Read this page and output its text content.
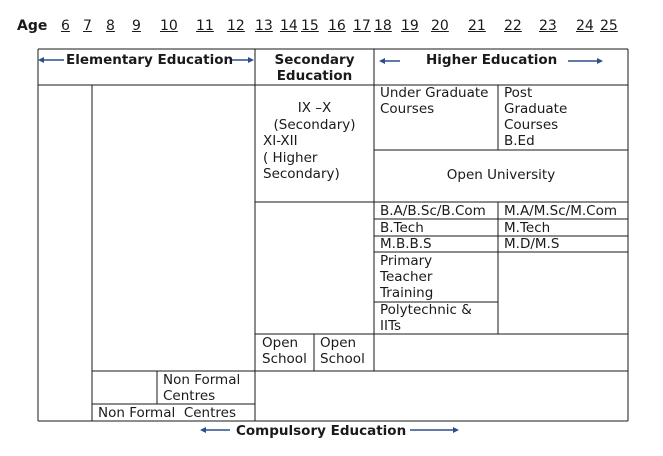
Age 6 7 8 9 10 11 12 13 14 15 16 17 18 19 20 21 22 23 24 25
Elementary Education	Secondary
Education
Higher Education
IX –X
(Secondary)
XI-XII
( Higher
Secondary)
Under Graduate
Courses
Post
Graduate
Courses
B.Ed
Open University
B.A/B.Sc/B.Com
B.Tech
M.B.B.S
M.A/M.Sc/M.Com
M.Tech
M.D/M.S
Primary
Teacher
Training
Polytechnic &
IITs
Open
School
Open
School
Non Formal
Centres
Non Formal  Centres
Compulsory Education
